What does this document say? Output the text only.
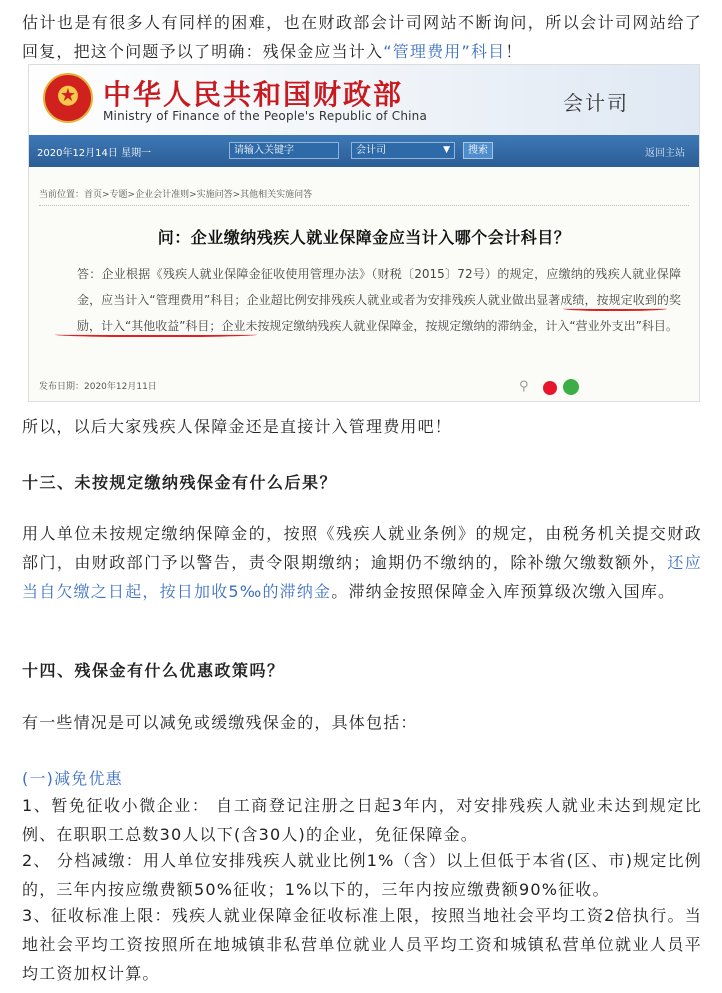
估计也是有很多人有同样的困难，也在财政部会计司网站不断询问，所以会计司网站给了回复，把这个问题予以了明确：残保金应当计入“管理费用”科目！

★ 中华人民共和国财政部
Ministry of Finance of the People's Republic of China
会计司
2020年12月14日 星期一	请输入关键字	会计司	▼	搜索	返回主站
当前位置：首页>专题>企业会计准则>实施问答>其他相关实施问答
问：企业缴纳残疾人就业保障金应当计入哪个会计科目？
答：企业根据《残疾人就业保障金征收使用管理办法》（财税〔2015〕72号）的规定，应缴纳的残疾人就业保障金，应当计入“管理费用”科目；企业超比例安排残疾人就业或者为安排残疾人就业做出显著成绩，按规定收到的奖励，计入“其他收益”科目；企业未按规定缴纳残疾人就业保障金，按规定缴纳的滞纳金，计入“营业外支出”科目。
发布日期：2020年12月11日	⚲

所以，以后大家残疾人保障金还是直接计入管理费用吧！

十三、未按规定缴纳残保金有什么后果？

用人单位未按规定缴纳保障金的，按照《残疾人就业条例》的规定，由税务机关提交财政部门，由财政部门予以警告，责令限期缴纳；逾期仍不缴纳的，除补缴欠缴数额外，还应当自欠缴之日起，按日加收5‰的滞纳金。滞纳金按照保障金入库预算级次缴入国库。

十四、残保金有什么优惠政策吗？

有一些情况是可以减免或缓缴残保金的，具体包括：

(一)减免优惠

1、暂免征收小微企业： 自工商登记注册之日起3年内，对安排残疾人就业未达到规定比例、在职职工总数30人以下(含30人)的企业，免征保障金。

2、 分档减缴：用人单位安排残疾人就业比例1%（含）以上但低于本省(区、市)规定比例的，三年内按应缴费额50%征收；1%以下的，三年内按应缴费额90%征收。

3、征收标准上限：残疾人就业保障金征收标准上限，按照当地社会平均工资2倍执行。当地社会平均工资按照所在地城镇非私营单位就业人员平均工资和城镇私营单位就业人员平均工资加权计算。
